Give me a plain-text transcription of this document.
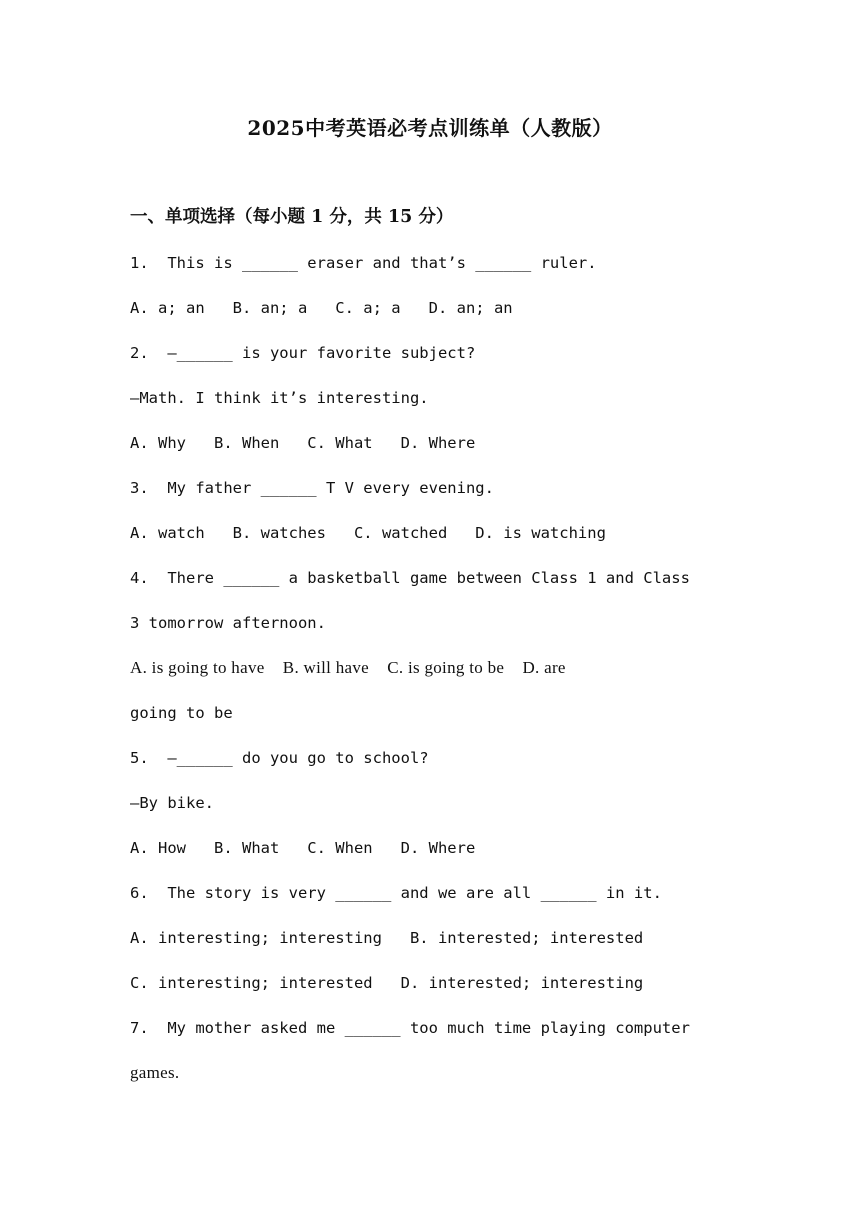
2025中考英语必考点训练单（人教版）
一、单项选择（每小题 1 分，共 15 分）
1.  This is ______ eraser and that’s ______ ruler.
A. a; an   B. an; a   C. a; a   D. an; an
2.  —______ is your favorite subject?
—Math. I think it’s interesting.
A. Why   B. When   C. What   D. Where
3.  My father ______ T V every evening.
A. watch   B. watches   C. watched   D. is watching
4.  There ______ a basketball game between Class 1 and Class
3 tomorrow afternoon.
A. is going to have    B. will have    C. is going to be    D. are
going to be
5.  —______ do you go to school?
—By bike.
A. How   B. What   C. When   D. Where
6.  The story is very ______ and we are all ______ in it.
A. interesting; interesting   B. interested; interested
C. interesting; interested   D. interested; interesting
7.  My mother asked me ______ too much time playing computer
games.
